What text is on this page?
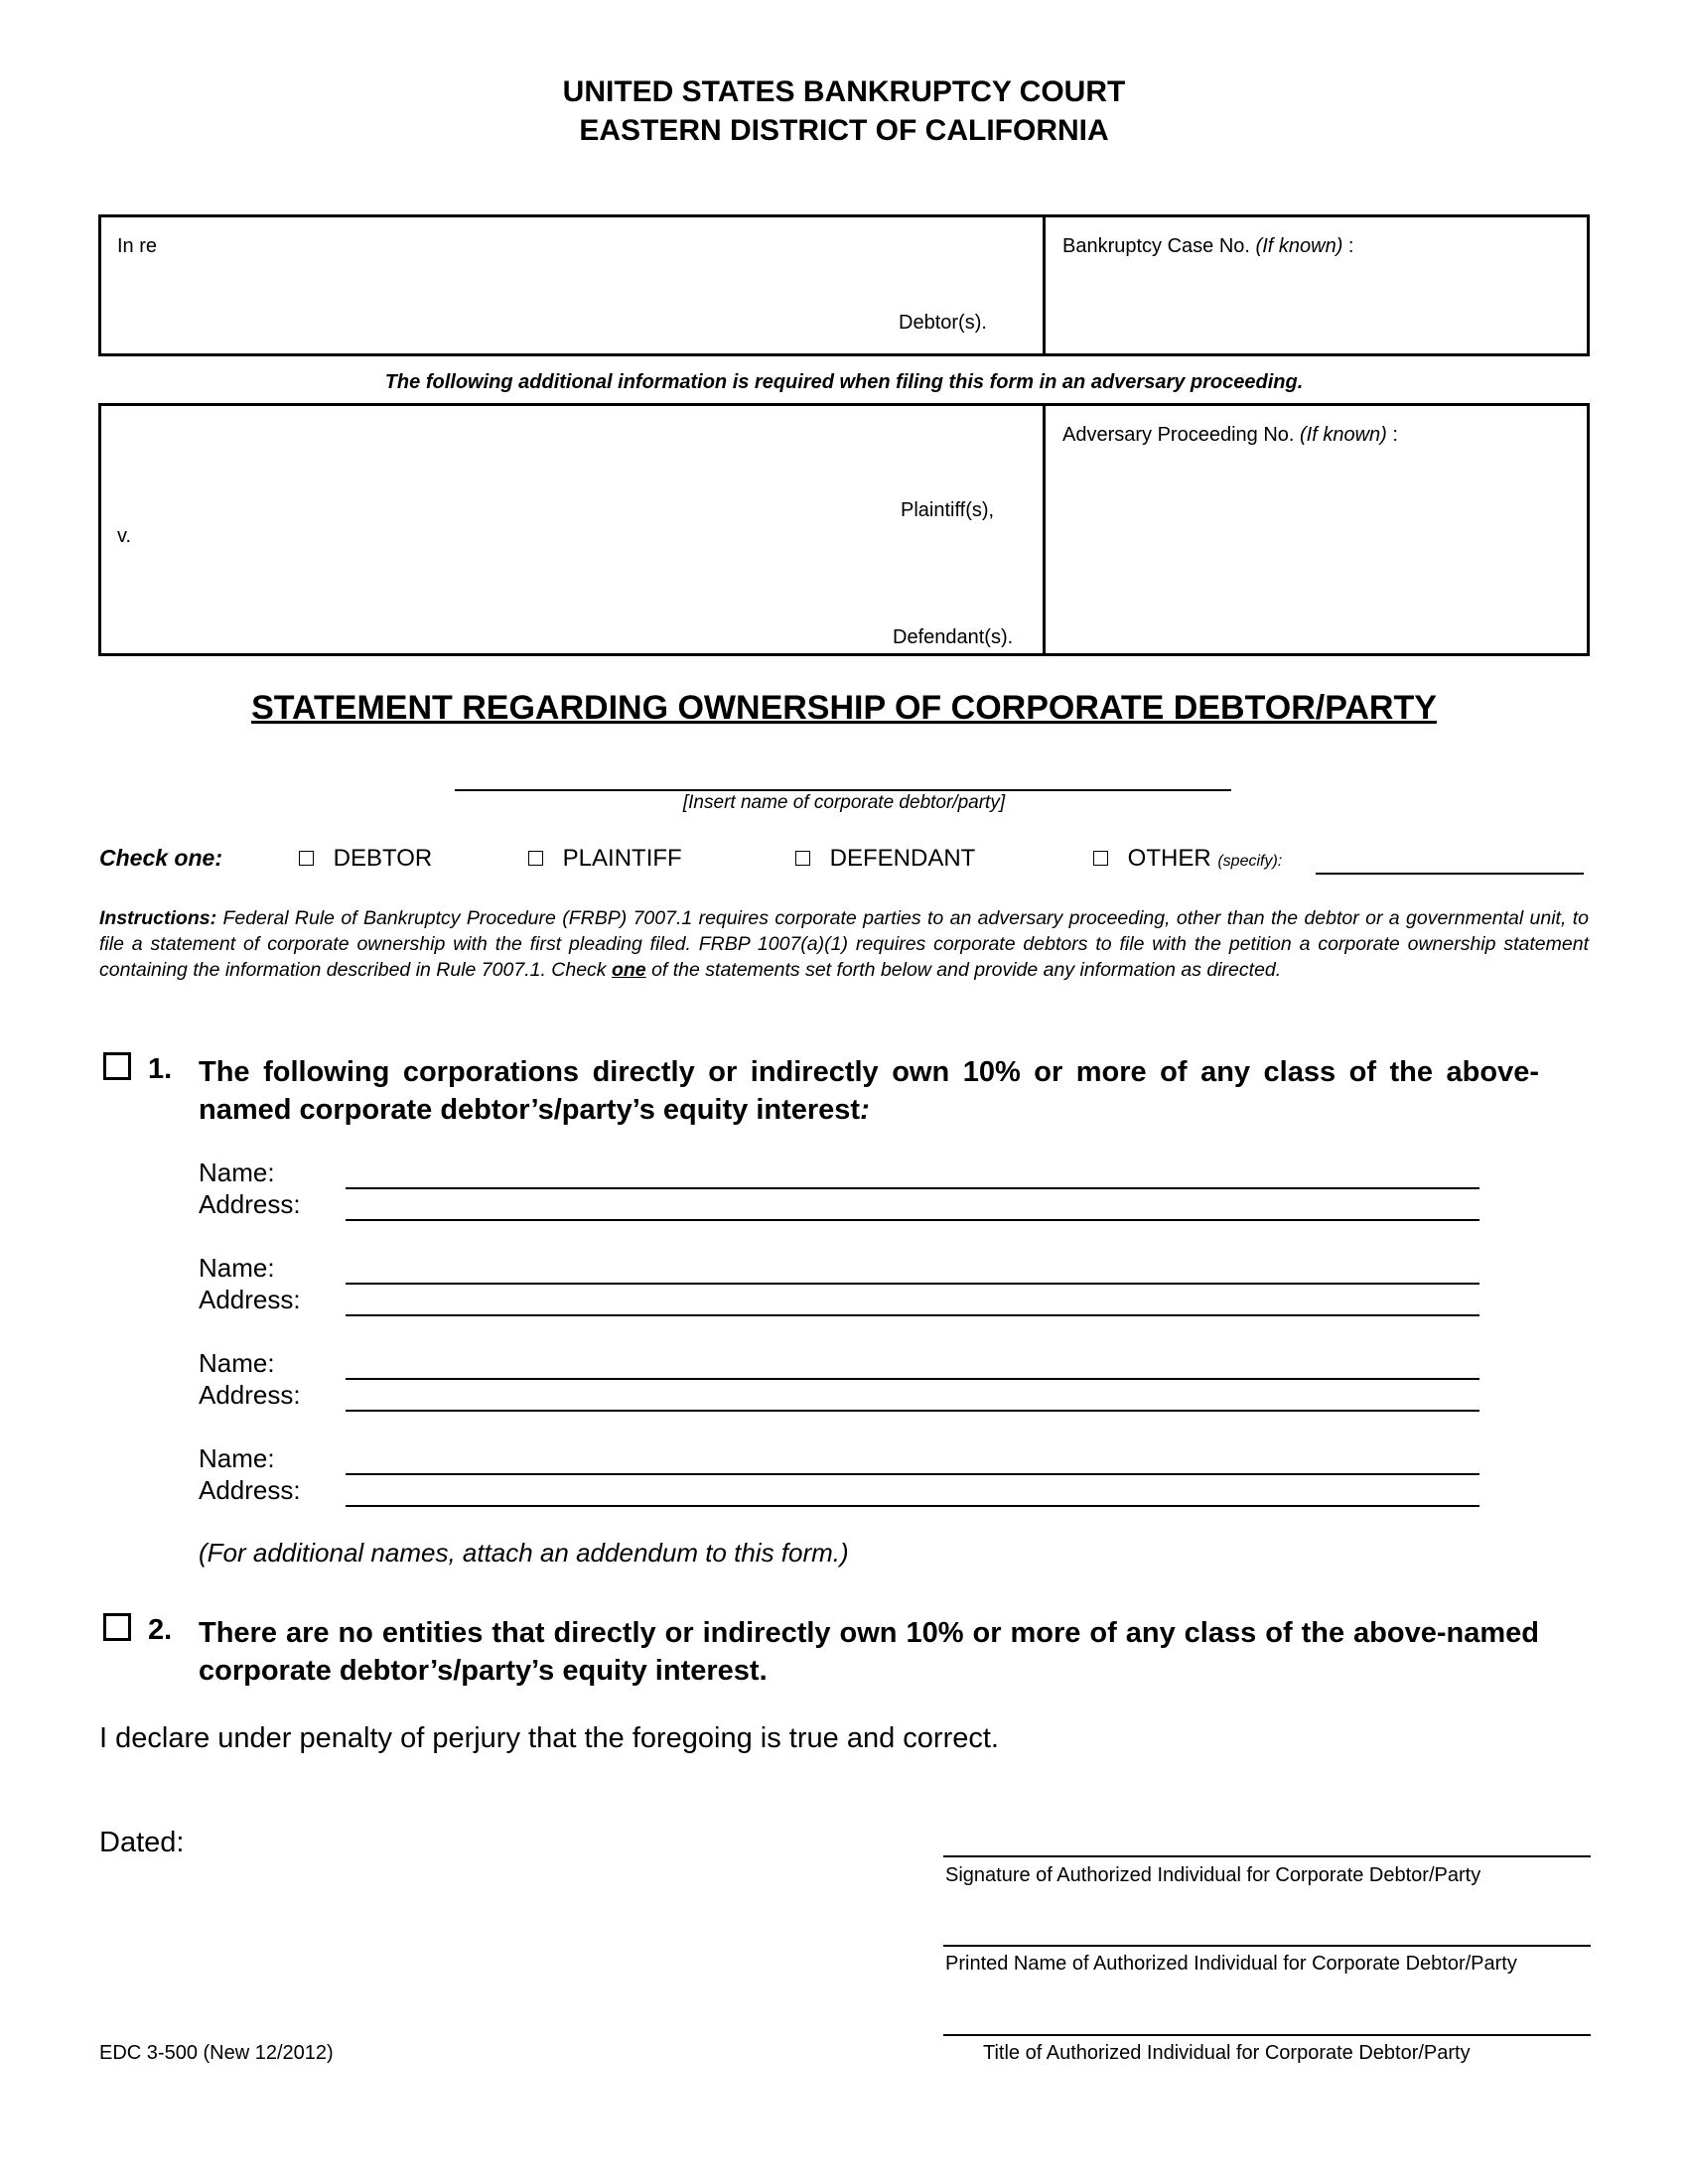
UNITED STATES BANKRUPTCY COURT
EASTERN DISTRICT OF CALIFORNIA
In re
Debtor(s).
Bankruptcy Case No. (If known) :
The following additional information is required when filing this form in an adversary proceeding.
Plaintiff(s),
v.
Defendant(s).
Adversary Proceeding No. (If known) :
STATEMENT REGARDING OWNERSHIP OF CORPORATE DEBTOR/PARTY
[Insert name of corporate debtor/party]
Check one:	DEBTOR	PLAINTIFF	DEFENDANT	OTHER (specify):
Instructions: Federal Rule of Bankruptcy Procedure (FRBP) 7007.1 requires corporate parties to an adversary proceeding, other than the debtor or a governmental unit, to file a statement of corporate ownership with the first pleading filed. FRBP 1007(a)(1) requires corporate debtors to file with the petition a corporate ownership statement containing the information described in Rule 7007.1. Check one of the statements set forth below and provide any information as directed.
1. The following corporations directly or indirectly own 10% or more of any class of the above-named corporate debtor’s/party’s equity interest:
Name:
Address:
Name:
Address:
Name:
Address:
Name:
Address:
(For additional names, attach an addendum to this form.)
2. There are no entities that directly or indirectly own 10% or more of any class of the above-named corporate debtor’s/party’s equity interest.
I declare under penalty of perjury that the foregoing is true and correct.
Dated:
Signature of Authorized Individual for Corporate Debtor/Party
Printed Name of Authorized Individual for Corporate Debtor/Party
Title of Authorized Individual for Corporate Debtor/Party
EDC 3-500 (New 12/2012)
